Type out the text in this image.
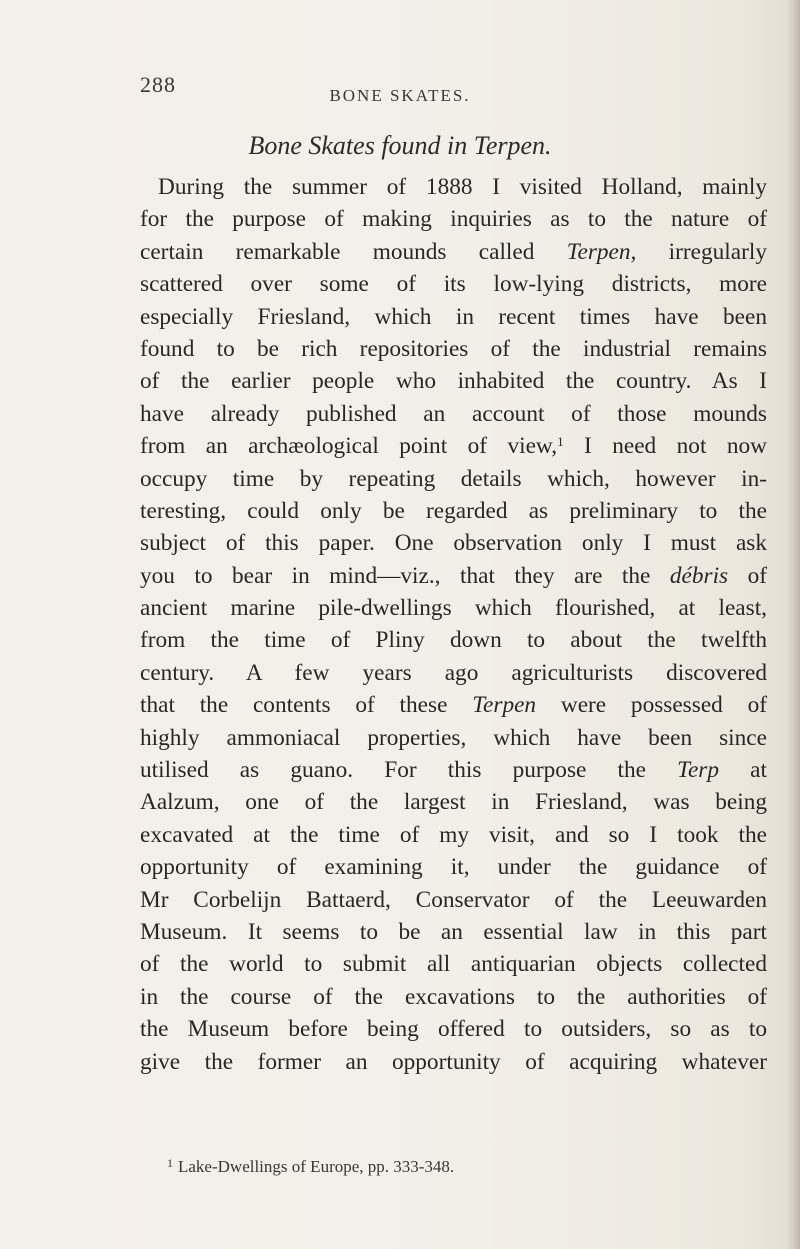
288	BONE SKATES.
Bone Skates found in Terpen.
During the summer of 1888 I visited Holland, mainly
for the purpose of making inquiries as to the nature of
certain remarkable mounds called Terpen, irregularly
scattered over some of its low-lying districts, more
especially Friesland, which in recent times have been
found to be rich repositories of the industrial remains
of the earlier people who inhabited the country. As I
have already published an account of those mounds
from an archæological point of view,$^1$ I need not now
occupy time by repeating details which, however in-
teresting, could only be regarded as preliminary to the
subject of this paper. One observation only I must ask
you to bear in mind—viz., that they are the débris of
ancient marine pile-dwellings which flourished, at least,
from the time of Pliny down to about the twelfth
century. A few years ago agriculturists discovered
that the contents of these Terpen were possessed of
highly ammoniacal properties, which have been since
utilised as guano. For this purpose the Terp at
Aalzum, one of the largest in Friesland, was being
excavated at the time of my visit, and so I took the
opportunity of examining it, under the guidance of
Mr Corbelijn Battaerd, Conservator of the Leeuwarden
Museum. It seems to be an essential law in this part
of the world to submit all antiquarian objects collected
in the course of the excavations to the authorities of
the Museum before being offered to outsiders, so as to
give the former an opportunity of acquiring whatever
$^1$ Lake-Dwellings of Europe, pp. 333-348.
